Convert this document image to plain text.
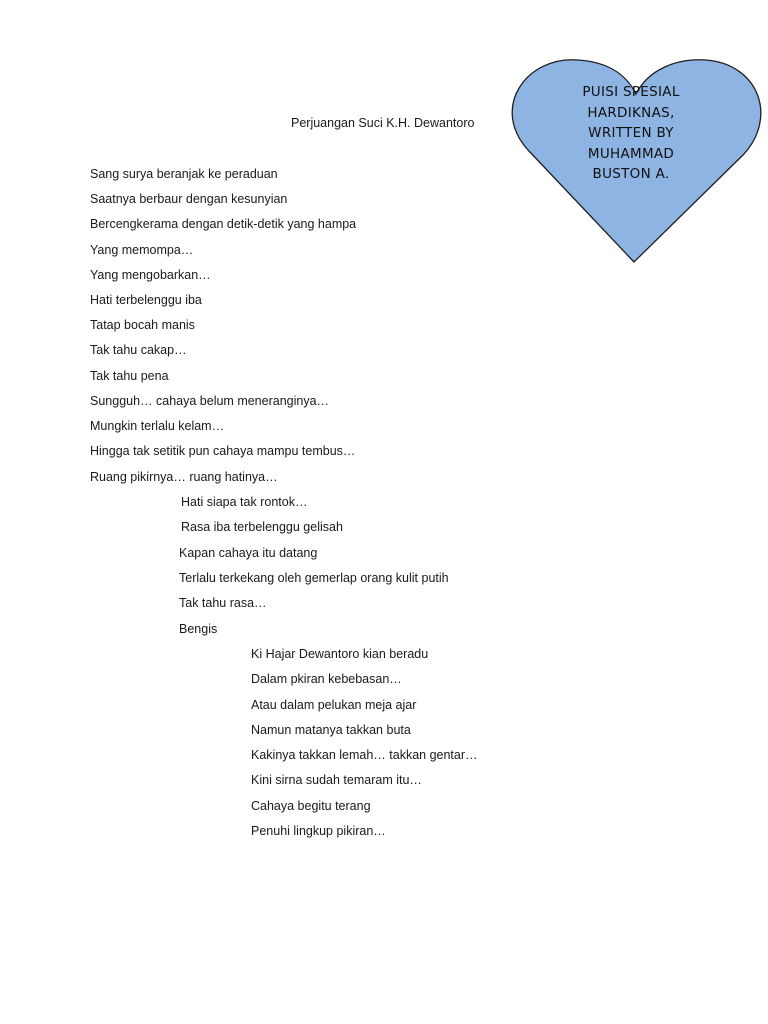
PUISI SPESIAL
HARDIKNAS,
WRITTEN BY
MUHAMMAD
BUSTON A.
Perjuangan Suci K.H. Dewantoro
Sang surya beranjak ke peraduan
Saatnya berbaur dengan kesunyian
Bercengkerama dengan detik-detik yang hampa
Yang memompa…
Yang mengobarkan…
Hati terbelenggu iba
Tatap bocah manis
Tak tahu cakap…
Tak tahu pena
Sungguh… cahaya belum meneranginya…
Mungkin terlalu kelam…
Hingga tak setitik pun cahaya mampu tembus…
Ruang pikirnya… ruang hatinya…
Hati siapa tak rontok…
Rasa iba terbelenggu gelisah
Kapan cahaya itu datang
Terlalu terkekang oleh gemerlap orang kulit putih
Tak tahu rasa…
Bengis
Ki Hajar Dewantoro kian beradu
Dalam pkiran kebebasan…
Atau dalam pelukan meja ajar
Namun matanya takkan buta
Kakinya takkan lemah… takkan gentar…
Kini sirna sudah temaram itu…
Cahaya begitu terang
Penuhi lingkup pikiran…
